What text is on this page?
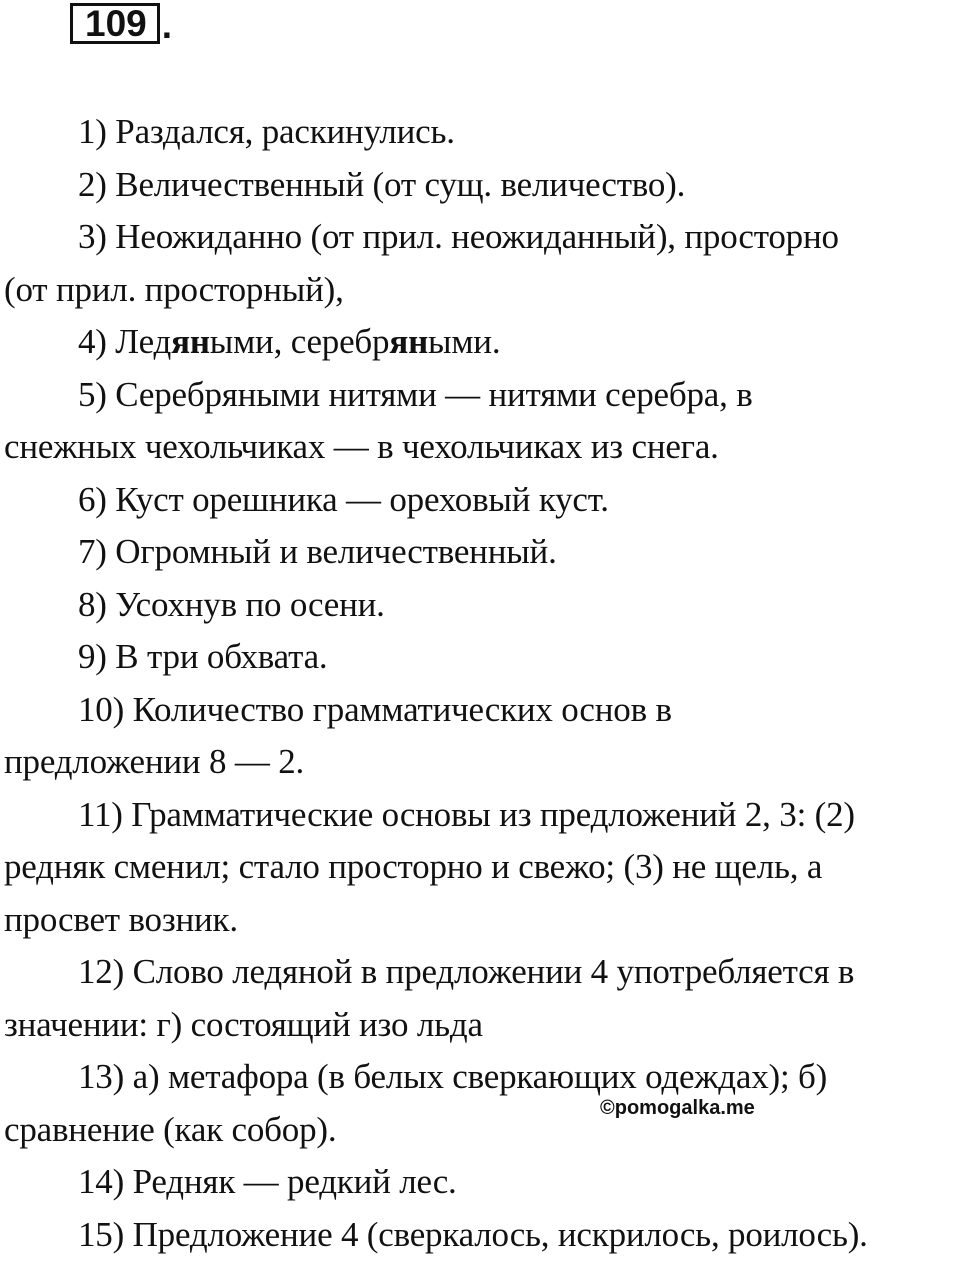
109 .

1) Раздался, раскинулись.

2) Величественный (от сущ. величество).

3) Неожиданно (от прил. неожиданный), просторно
(от прил. просторный),

4) Ледяными, серебряными.

5) Серебряными нитями — нитями серебра, в
снежных чехольчиках — в чехольчиках из снега.

6) Куст орешника — ореховый куст.

7) Огромный и величественный.

8) Усохнув по осени.

9) В три обхвата.

10) Количество грамматических основ в
предложении 8 — 2.

11) Грамматические основы из предложений 2, 3: (2)
редняк сменил; стало просторно и свежо; (3) не щель, а
просвет возник.

12) Слово ледяной в предложении 4 употребляется в
значении: г) состоящий изо льда

13) а) метафора (в белых сверкающих одеждах); б)
сравнение (как собор).

14) Редняк — редкий лес.

15) Предложение 4 (сверкалось, искрилось, роилось).

©pomogalka.me
